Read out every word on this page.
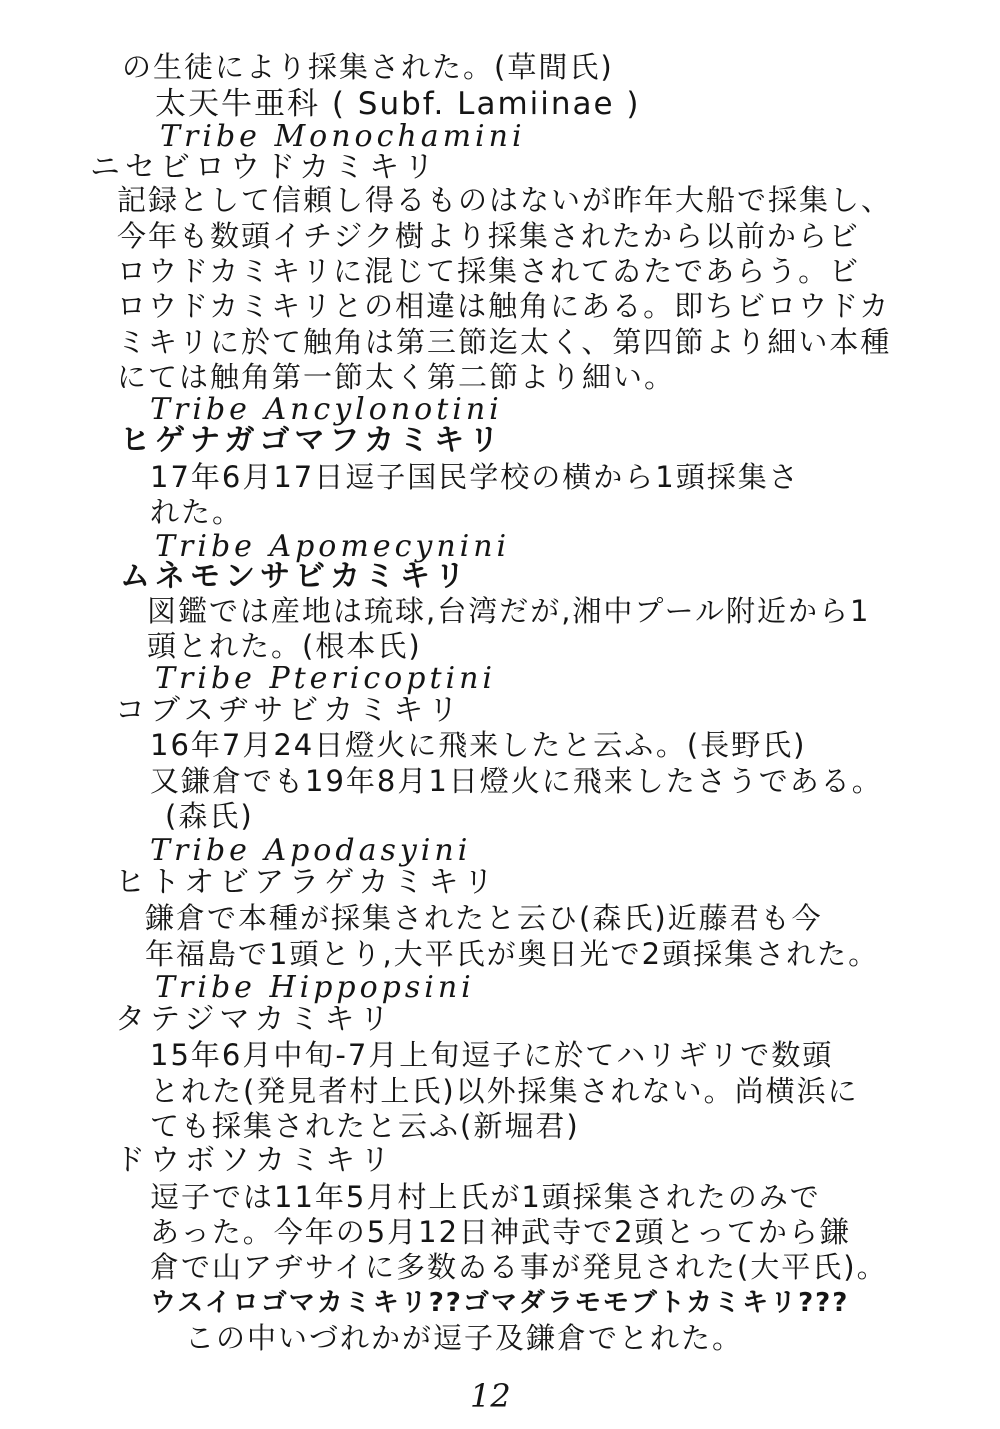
の生徒により採集された。(草間氏)
太天牛亜科 ( Subf. Lamiinae )
Tribe Monochamini
ニセビロウドカミキリ
記録として信頼し得るものはないが昨年大船で採集し、
今年も数頭イチジク樹より採集されたから以前からビ
ロウドカミキリに混じて採集されてゐたであらう。ビ
ロウドカミキリとの相違は触角にある。即ちビロウドカ
ミキリに於て触角は第三節迄太く、第四節より細い本種
にては触角第一節太く第二節より細い。
Tribe Ancylonotini
ヒゲナガゴマフカミキリ
17年6月17日逗子国民学校の横から1頭採集さ
れた。
Tribe Apomecynini
ムネモンサビカミキリ
図鑑では産地は琉球,台湾だが,湘中プール附近から1
頭とれた。(根本氏)
Tribe Ptericoptini
コブスヂサビカミキリ
16年7月24日燈火に飛来したと云ふ。(長野氏)
又鎌倉でも19年8月1日燈火に飛来したさうである。
(森氏)
Tribe Apodasyini
ヒトオビアラゲカミキリ
鎌倉で本種が採集されたと云ひ(森氏)近藤君も今
年福島で1頭とり,大平氏が奥日光で2頭採集された。
Tribe Hippopsini
タテジマカミキリ
15年6月中旬-7月上旬逗子に於てハリギリで数頭
とれた(発見者村上氏)以外採集されない。尚横浜に
ても採集されたと云ふ(新堀君)
ドウボソカミキリ
逗子では11年5月村上氏が1頭採集されたのみで
あった。今年の5月12日神武寺で2頭とってから鎌
倉で山アヂサイに多数ゐる事が発見された(大平氏)。
ウスイロゴマカミキリ??ゴマダラモモブトカミキリ???
この中いづれかが逗子及鎌倉でとれた。
12
